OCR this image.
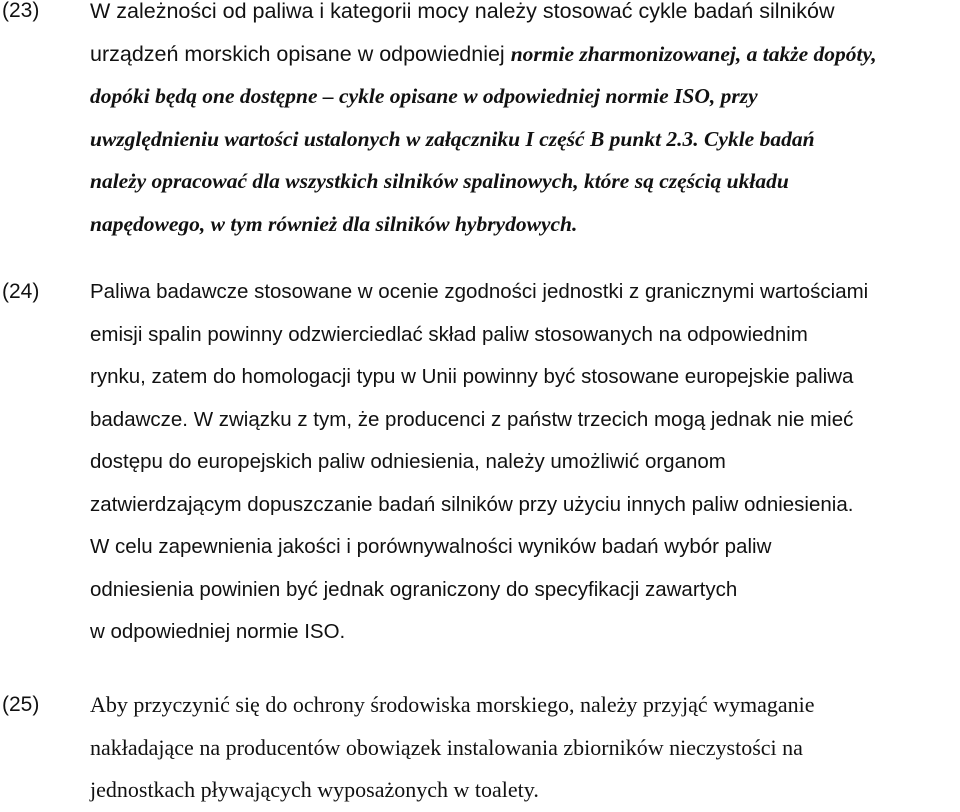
(23) W zależności od paliwa i kategorii mocy należy stosować cykle badań silników
urządzeń morskich opisane w odpowiedniej normie zharmonizowanej, a także dopóty,
dopóki będą one dostępne – cykle opisane w odpowiedniej normie ISO, przy
uwzględnieniu wartości ustalonych w załączniku I część B punkt 2.3. Cykle badań
należy opracować dla wszystkich silników spalinowych, które są częścią układu
napędowego, w tym również dla silników hybrydowych.
(24) Paliwa badawcze stosowane w ocenie zgodności jednostki z granicznymi wartościami
emisji spalin powinny odzwierciedlać skład paliw stosowanych na odpowiednim
rynku, zatem do homologacji typu w Unii powinny być stosowane europejskie paliwa
badawcze. W związku z tym, że producenci z państw trzecich mogą jednak nie mieć
dostępu do europejskich paliw odniesienia, należy umożliwić organom
zatwierdzającym dopuszczanie badań silników przy użyciu innych paliw odniesienia.
W celu zapewnienia jakości i porównywalności wyników badań wybór paliw
odniesienia powinien być jednak ograniczony do specyfikacji zawartych
w odpowiedniej normie ISO.
(25) Aby przyczynić się do ochrony środowiska morskiego, należy przyjąć wymaganie
nakładające na producentów obowiązek instalowania zbiorników nieczystości na
jednostkach pływających wyposażonych w toalety.
